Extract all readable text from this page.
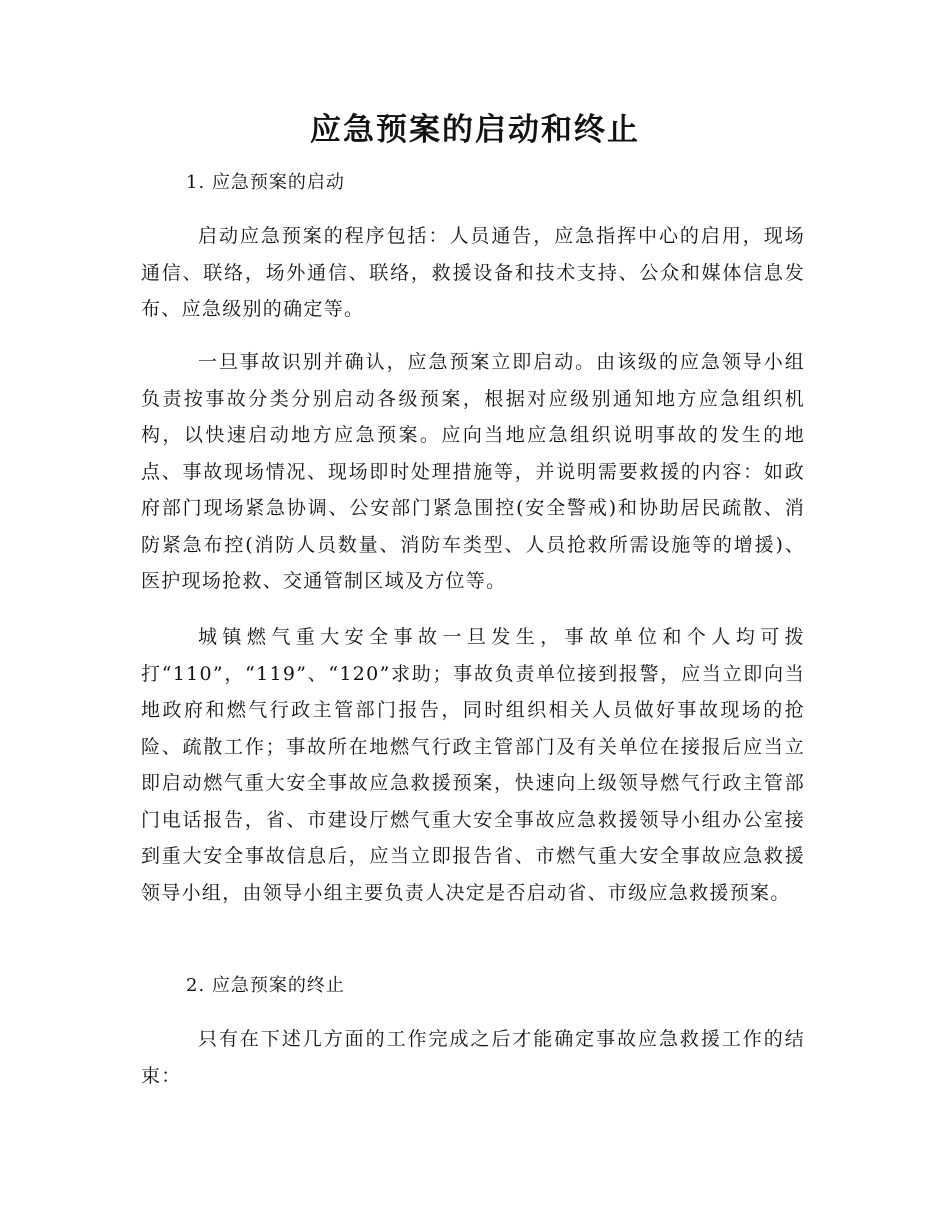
应急预案的启动和终止
1. 应急预案的启动

启动应急预案的程序包括：人员通告，应急指挥中心的启用，现场通信、联络，场外通信、联络，救援设备和技术支持、公众和媒体信息发布、应急级别的确定等。

一旦事故识别并确认，应急预案立即启动。由该级的应急领导小组负责按事故分类分别启动各级预案，根据对应级别通知地方应急组织机构，以快速启动地方应急预案。应向当地应急组织说明事故的发生的地点、事故现场情况、现场即时处理措施等，并说明需要救援的内容：如政府部门现场紧急协调、公安部门紧急围控(安全警戒)和协助居民疏散、消防紧急布控(消防人员数量、消防车类型、人员抢救所需设施等的增援)、医护现场抢救、交通管制区域及方位等。

城镇燃气重大安全事故一旦发生，事故单位和个人均可拨打“110”，“119”、“120”求助；事故负责单位接到报警，应当立即向当地政府和燃气行政主管部门报告，同时组织相关人员做好事故现场的抢险、疏散工作；事故所在地燃气行政主管部门及有关单位在接报后应当立即启动燃气重大安全事故应急救援预案，快速向上级领导燃气行政主管部门电话报告，省、市建设厅燃气重大安全事故应急救援领导小组办公室接到重大安全事故信息后，应当立即报告省、市燃气重大安全事故应急救援领导小组，由领导小组主要负责人决定是否启动省、市级应急救援预案。

2. 应急预案的终止

只有在下述几方面的工作完成之后才能确定事故应急救援工作的结束：
